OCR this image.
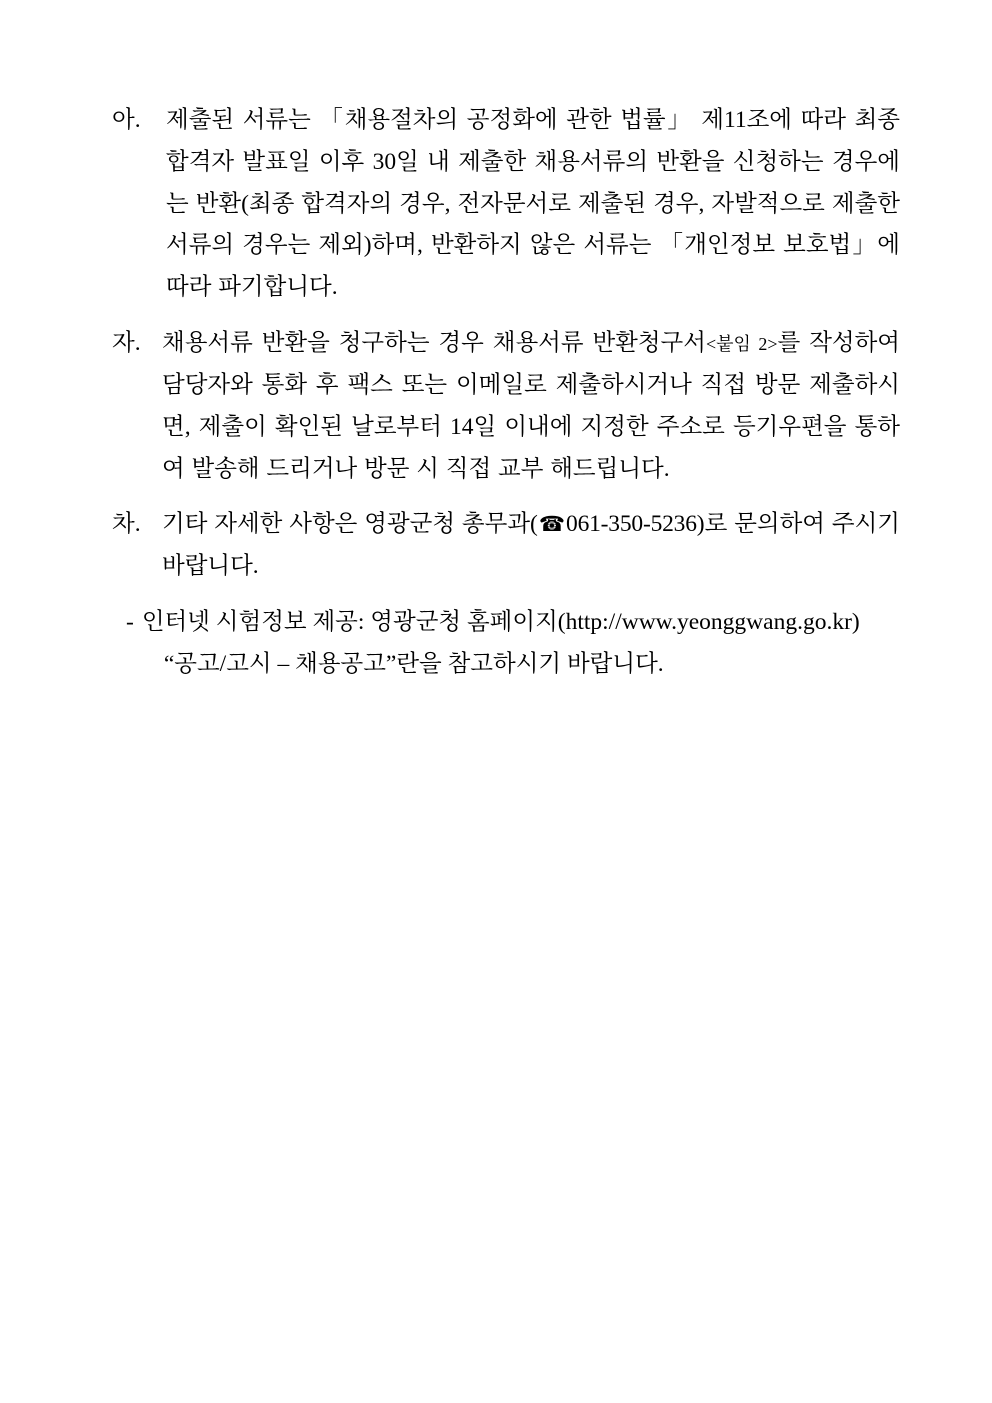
아.	제출된 서류는 「채용절차의 공정화에 관한 법률」 제11조에 따라 최종 합격자 발표일 이후 30일 내 제출한 채용서류의 반환을 신청하는 경우에는 반환(최종 합격자의 경우, 전자문서로 제출된 경우, 자발적으로 제출한 서류의 경우는 제외)하며, 반환하지 않은 서류는 「개인정보 보호법」에 따라 파기합니다.
자. 채용서류 반환을 청구하는 경우 채용서류 반환청구서<붙임 2>를 작성하여 담당자와 통화 후 팩스 또는 이메일로 제출하시거나 직접 방문 제출하시면, 제출이 확인된 날로부터 14일 이내에 지정한 주소로 등기우편을 통하여 발송해 드리거나 방문 시 직접 교부 해드립니다.
차. 기타 자세한 사항은 영광군청 총무과(☎061-350-5236)로 문의하여 주시기 바랍니다.
- 인터넷 시험정보 제공: 영광군청 홈페이지(http://www.yeonggwang.go.kr)
“공고/고시 – 채용공고”란을 참고하시기 바랍니다.
